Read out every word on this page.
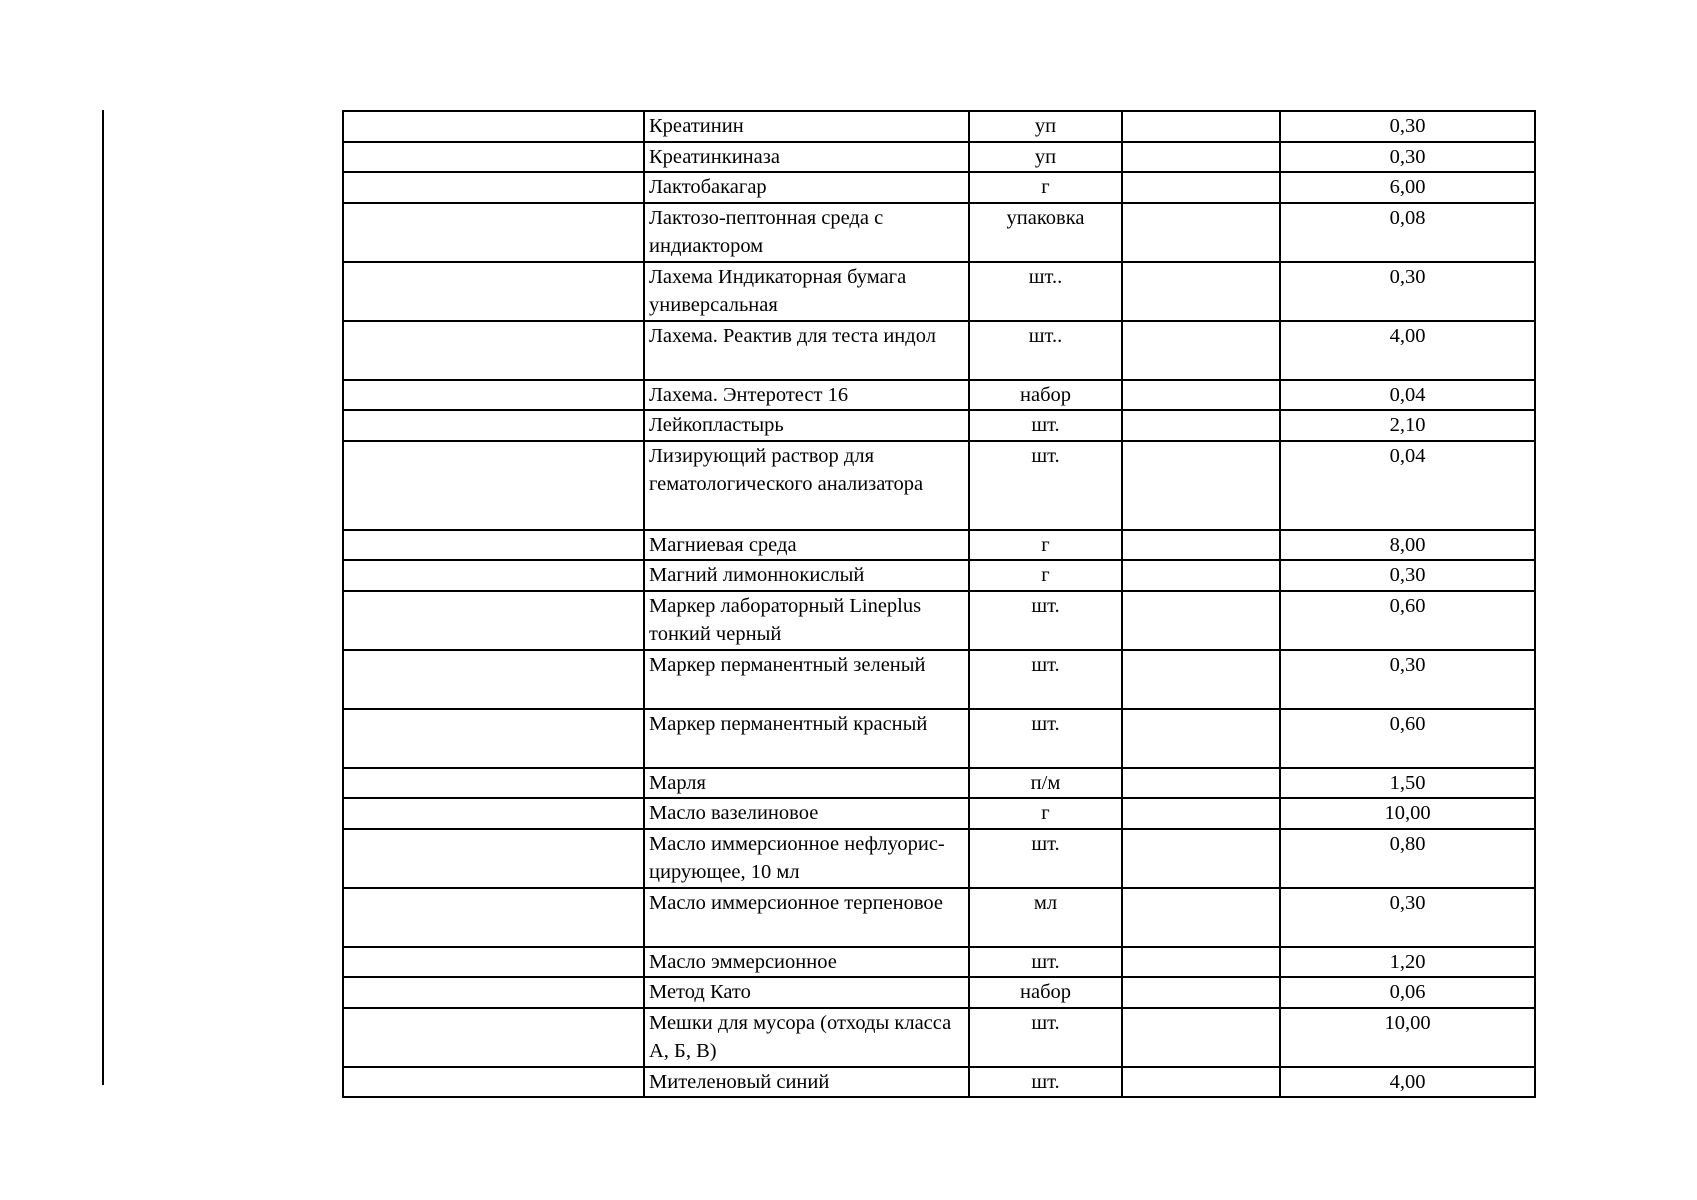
	Креатинин	уп		0,30
	Креатинкиназа	уп		0,30
	Лактобакагар	г		6,00
	Лактозо-пептонная среда с индиактором	упаковка		0,08
	Лахема Индикаторная бумага универсальная	шт..		0,30
	Лахема. Реактив для теста индол	шт..		4,00
	Лахема. Энтеротест 16	набор		0,04
	Лейкопластырь	шт.		2,10
	Лизирующий раствор для гематологического анализатора	шт.		0,04
	Магниевая среда	г		8,00
	Магний лимоннокислый	г		0,30
	Маркер лабораторный Lineplus тонкий черный	шт.		0,60
	Маркер перманентный зеленый	шт.		0,30
	Маркер перманентный красный	шт.		0,60
	Марля	п/м		1,50
	Масло вазелиновое	г		10,00
	Масло иммерсионное нефлуорис-цирующее, 10 мл	шт.		0,80
	Масло иммерсионное терпеновое	мл		0,30
	Масло эммерсионное	шт.		1,20
	Метод Като	набор		0,06
	Мешки для мусора (отходы класса А, Б, В)	шт.		10,00
	Мителеновый синий	шт.		4,00
